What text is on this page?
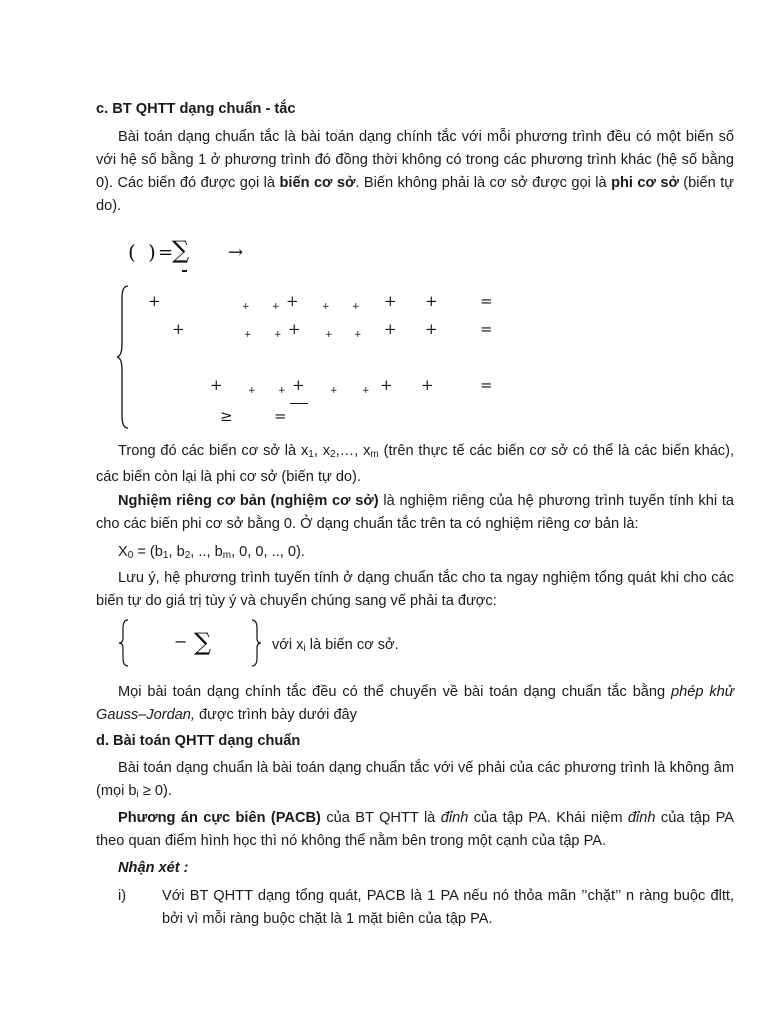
c. BT QHTT dạng chuẩn - tắc

Bài toán dạng chuẩn tắc là bài toán dạng chính tắc với mỗi phương trình đều có một biến số với hệ số bằng 1 ở phương trình đó đồng thời không có trong các phương trình khác (hệ số bằng 0). Các biến đó được gọi là biến cơ sở. Biến không phải là cơ sở được gọi là phi cơ sở (biến tự do).

( ) =
∑ →
+	+ + +	+ + + +	=
+	+ + +	+ + + +	=
+	+ + +	+	+ + +	=
≥	=

Trong đó các biến cơ sở là $x_1$, $x_2,\dots$, $x_m$ (trên thực tế các biến cơ sở có thể là các biến khác), các biến còn lại là phi cơ sở (biến tự do).

Nghiệm riêng cơ bản (nghiệm cơ sở) là nghiệm riêng của hệ phương trình tuyến tính khi ta cho các biến phi cơ sở bằng 0. Ở dạng chuẩn tắc trên ta có nghiệm riêng cơ bản là:

$X_0 = (b_1$, $b_2$, .., $b_m$, 0, 0, .., 0).

Lưu ý, hệ phương trình tuyến tính ở dạng chuẩn tắc cho ta ngay nghiệm tổng quát khi cho các biến tự do giá trị tùy ý và chuyển chúng sang vế phải ta được:

− ∑	với $x_i$ là biến cơ sở.

Mọi bài toán dạng chính tắc đều có thể chuyển về bài toán dạng chuẩn tắc bằng phép khử Gauss–Jordan, được trình bày dưới đây

d. Bài toán QHTT dạng chuẩn

Bài toán dạng chuẩn là bài toán dạng chuẩn tắc với vế phải của các phương trình là không âm (mọi $b_i \ge 0$).

Phương án cực biên (PACB) của BT QHTT là đỉnh của tập PA. Khái niệm đỉnh của tập PA theo quan điểm hình học thì nó không thể nằm bên trong một cạnh của tập PA.

Nhận xét :

i) Với BT QHTT dạng tổng quát, PACB là 1 PA nếu nó thỏa mãn ’’chặt’’ n ràng buộc đltt, bởi vì mỗi ràng buộc chặt là 1 mặt biên của tập PA.
